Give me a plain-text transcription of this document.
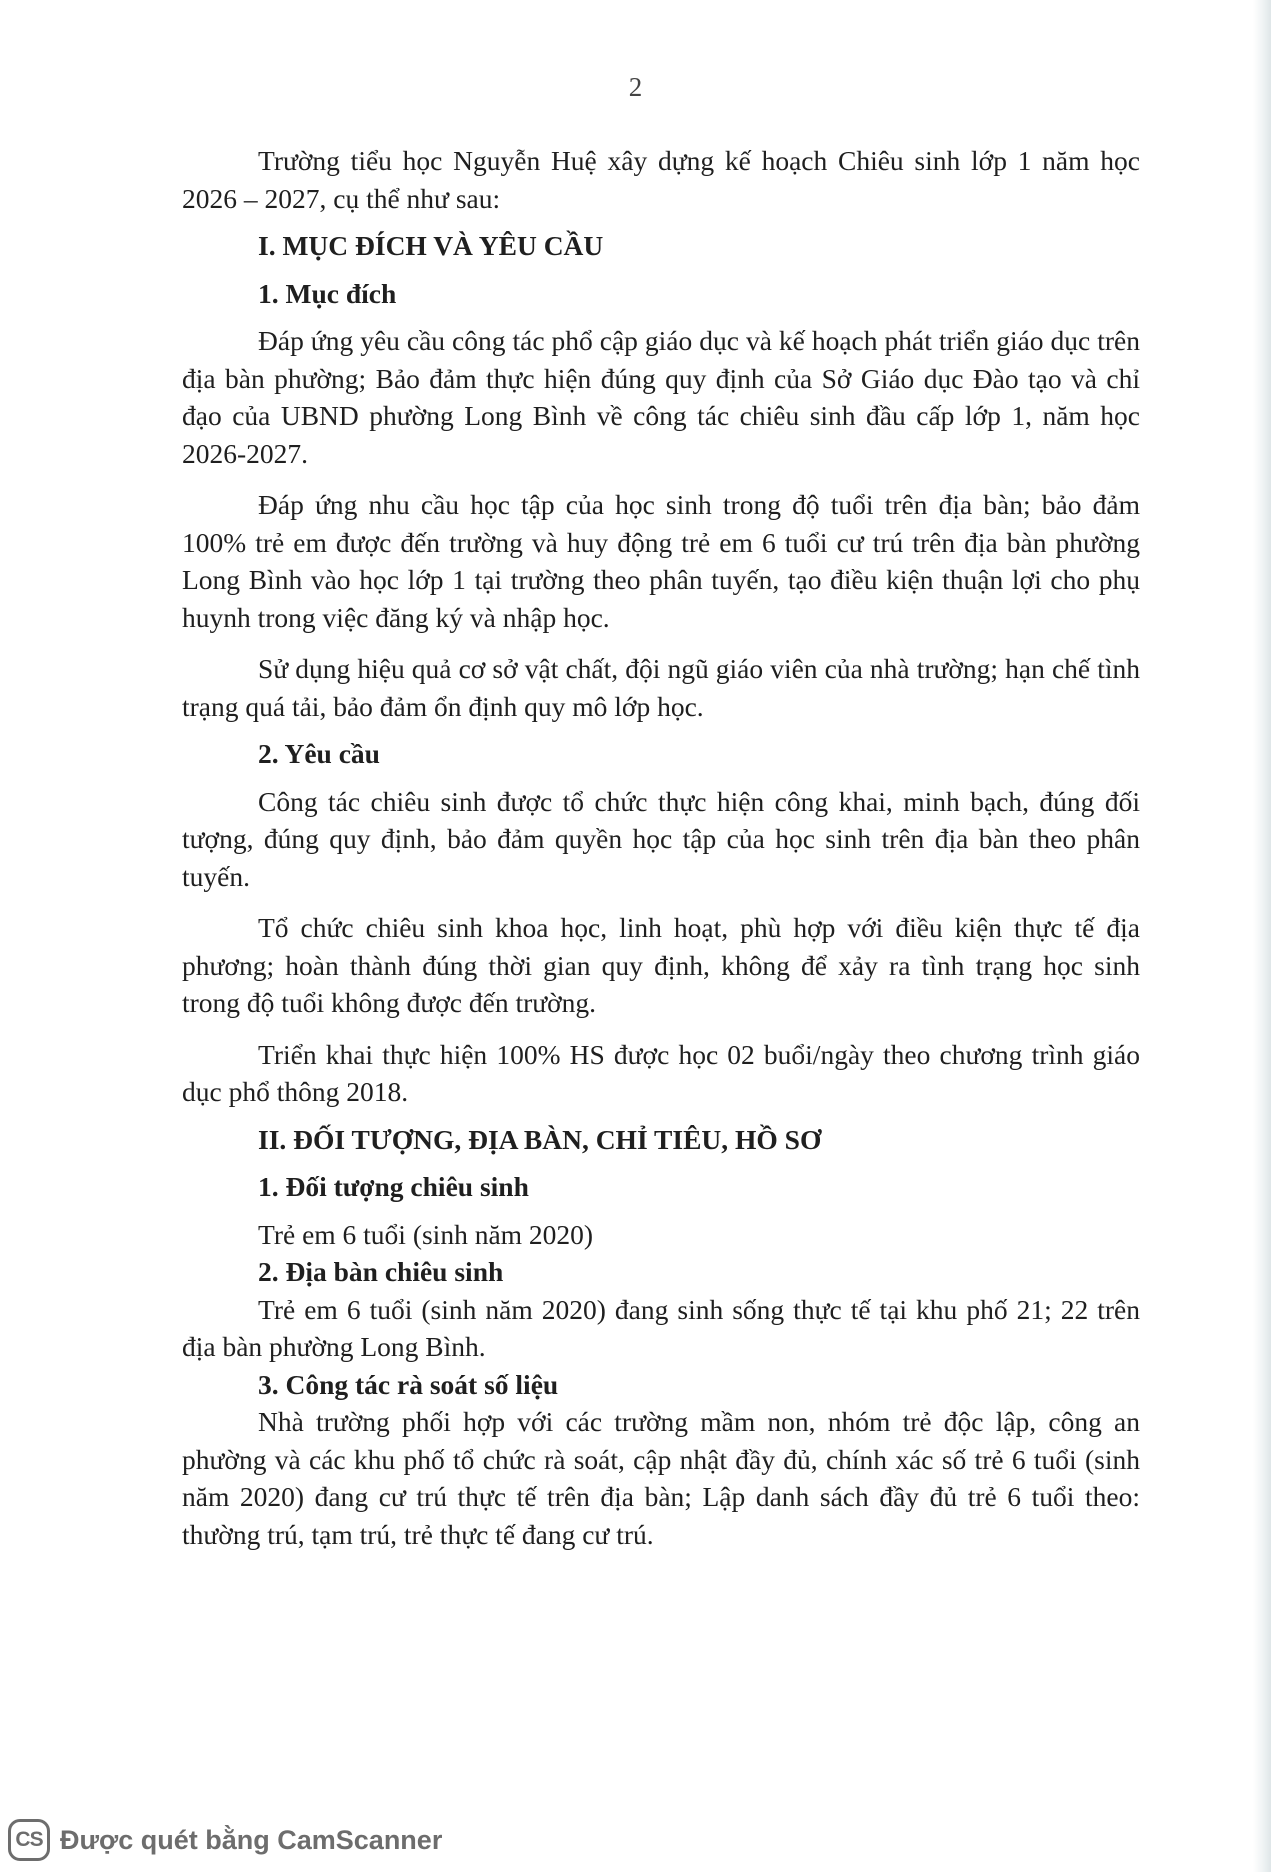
2

Trường tiểu học Nguyễn Huệ xây dựng kế hoạch Chiêu sinh lớp 1 năm học 2026 – 2027, cụ thể như sau:

I. MỤC ĐÍCH VÀ YÊU CẦU

1. Mục đích

Đáp ứng yêu cầu công tác phổ cập giáo dục và kế hoạch phát triển giáo dục trên địa bàn phường; Bảo đảm thực hiện đúng quy định của Sở Giáo dục Đào tạo và chỉ đạo của UBND phường Long Bình về công tác chiêu sinh đầu cấp lớp 1, năm học 2026-2027.

Đáp ứng nhu cầu học tập của học sinh trong độ tuổi trên địa bàn; bảo đảm 100% trẻ em được đến trường và huy động trẻ em 6 tuổi cư trú trên địa bàn phường Long Bình vào học lớp 1 tại trường theo phân tuyến, tạo điều kiện thuận lợi cho phụ huynh trong việc đăng ký và nhập học.

Sử dụng hiệu quả cơ sở vật chất, đội ngũ giáo viên của nhà trường; hạn chế tình trạng quá tải, bảo đảm ổn định quy mô lớp học.

2. Yêu cầu

Công tác chiêu sinh được tổ chức thực hiện công khai, minh bạch, đúng đối tượng, đúng quy định, bảo đảm quyền học tập của học sinh trên địa bàn theo phân tuyến.

Tổ chức chiêu sinh khoa học, linh hoạt, phù hợp với điều kiện thực tế địa phương; hoàn thành đúng thời gian quy định, không để xảy ra tình trạng học sinh trong độ tuổi không được đến trường.

Triển khai thực hiện 100% HS được học 02 buổi/ngày theo chương trình giáo dục phổ thông 2018.

II. ĐỐI TƯỢNG, ĐỊA BÀN, CHỈ TIÊU, HỒ SƠ

1. Đối tượng chiêu sinh

Trẻ em 6 tuổi (sinh năm 2020)

2. Địa bàn chiêu sinh

Trẻ em 6 tuổi (sinh năm 2020) đang sinh sống thực tế tại khu phố 21; 22 trên địa bàn phường Long Bình.

3. Công tác rà soát số liệu

Nhà trường phối hợp với các trường mầm non, nhóm trẻ độc lập, công an phường và các khu phố tổ chức rà soát, cập nhật đầy đủ, chính xác số trẻ 6 tuổi (sinh năm 2020) đang cư trú thực tế trên địa bàn; Lập danh sách đầy đủ trẻ 6 tuổi theo: thường trú, tạm trú, trẻ thực tế đang cư trú.

CS Được quét bằng CamScanner
